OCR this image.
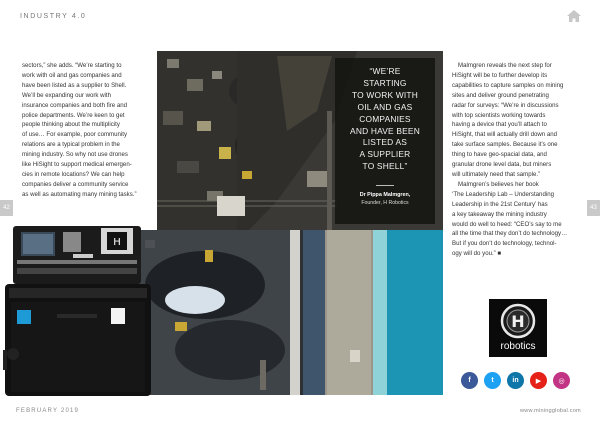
INDUSTRY 4.0
42	43

sectors,” she adds. “We’re starting to
work with oil and gas companies and
have been listed as a supplier to Shell.
We’ll be expanding our work with
insurance companies and both fire and
police departments. We’re keen to get
people thinking about the multiplicity
of use… For example, poor community
relations are a typical problem in the
mining industry. So why not use drones
like HiSight to support medical emergen-
cies in remote locations? We can help
companies deliver a community service
as well as automating many mining tasks.”

“WE’RE
STARTING
TO WORK WITH
OIL AND GAS
COMPANIES
AND HAVE BEEN
LISTED AS
A SUPPLIER
TO SHELL”
Dr Pippa Malmgren,
Founder, H Robotics
H

Malmgren reveals the next step for
HiSight will be to further develop its
capabilities to capture samples on mining
sites and deliver ground penetrating
radar for surveys: “We’re in discussions
with top scientists working towards
having a device that you’ll attach to
HiSight, that will actually drill down and
take surface samples. Because it’s one
thing to have geo-spacial data, and
granular drone level data, but miners
will ultimately need that sample.”

Malmgren’s believes her book
‘The Leadership Lab – Understanding
Leadership in the 21st Century’ has
a key takeaway the mining industry
would do well to heed: “CEO’s say to me
all the time that they don’t do technology…
But if you don’t do technology, technol-
ogy will do you.” ■

H
robotics
f	t	in	▶	◎
FEBRUARY 2019	www.miningglobal.com
